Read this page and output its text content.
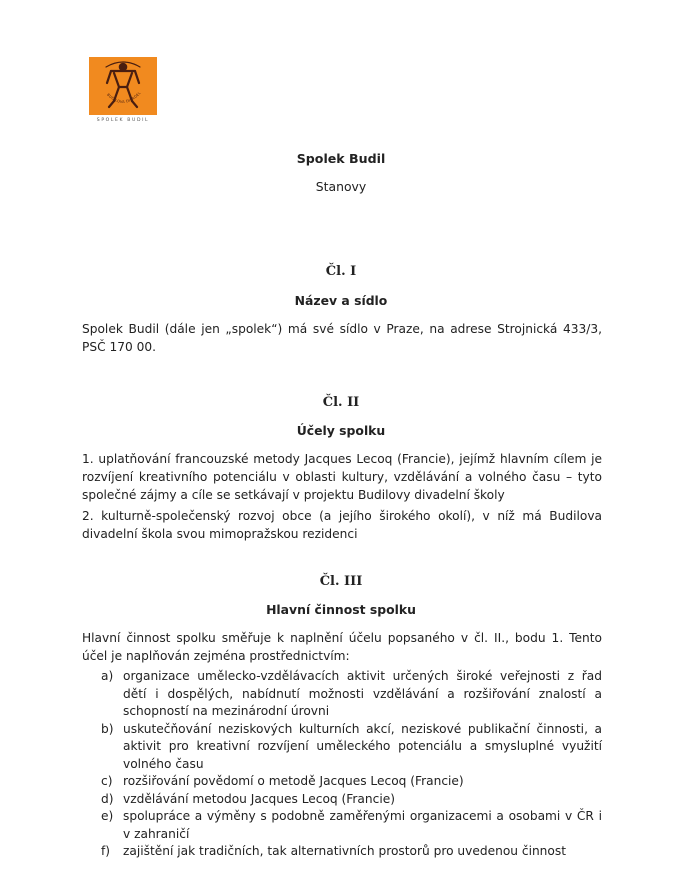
BUDILOVA DIVADEL
SPOLEK BUDIL
Spolek Budil
Stanovy
Čl. I
Název a sídlo
Spolek Budil (dále jen „spolek“) má své sídlo v Praze, na adrese Strojnická 433/3, PSČ 170 00.
Čl. II
Účely spolku
1. uplatňování francouzské metody Jacques Lecoq (Francie), jejímž hlavním cílem je rozvíjení kreativního potenciálu v oblasti kultury, vzdělávání a volného času – tyto společné zájmy a cíle se setkávají v projektu Budilovy divadelní školy
2. kulturně-společenský rozvoj obce (a jejího širokého okolí), v níž má Budilova divadelní škola svou mimopražskou rezidenci
Čl. III
Hlavní činnost spolku
Hlavní činnost spolku směřuje k naplnění účelu popsaného v čl. II., bodu 1. Tento účel je naplňován zejména prostřednictvím:
a) organizace umělecko-vzdělávacích aktivit určených široké veřejnosti z řad dětí i dospělých, nabídnutí možnosti vzdělávání a rozšiřování znalostí a schopností na mezinárodní úrovni
b) uskutečňování neziskových kulturních akcí, neziskové publikační činnosti, a aktivit pro kreativní rozvíjení uměleckého potenciálu a smysluplné využití volného času
c) rozšiřování povědomí o metodě Jacques Lecoq (Francie)
d) vzdělávání metodou Jacques Lecoq (Francie)
e) spolupráce a výměny s podobně zaměřenými organizacemi a osobami v ČR i v zahraničí
f) zajištění jak tradičních, tak alternativních prostorů pro uvedenou činnost
